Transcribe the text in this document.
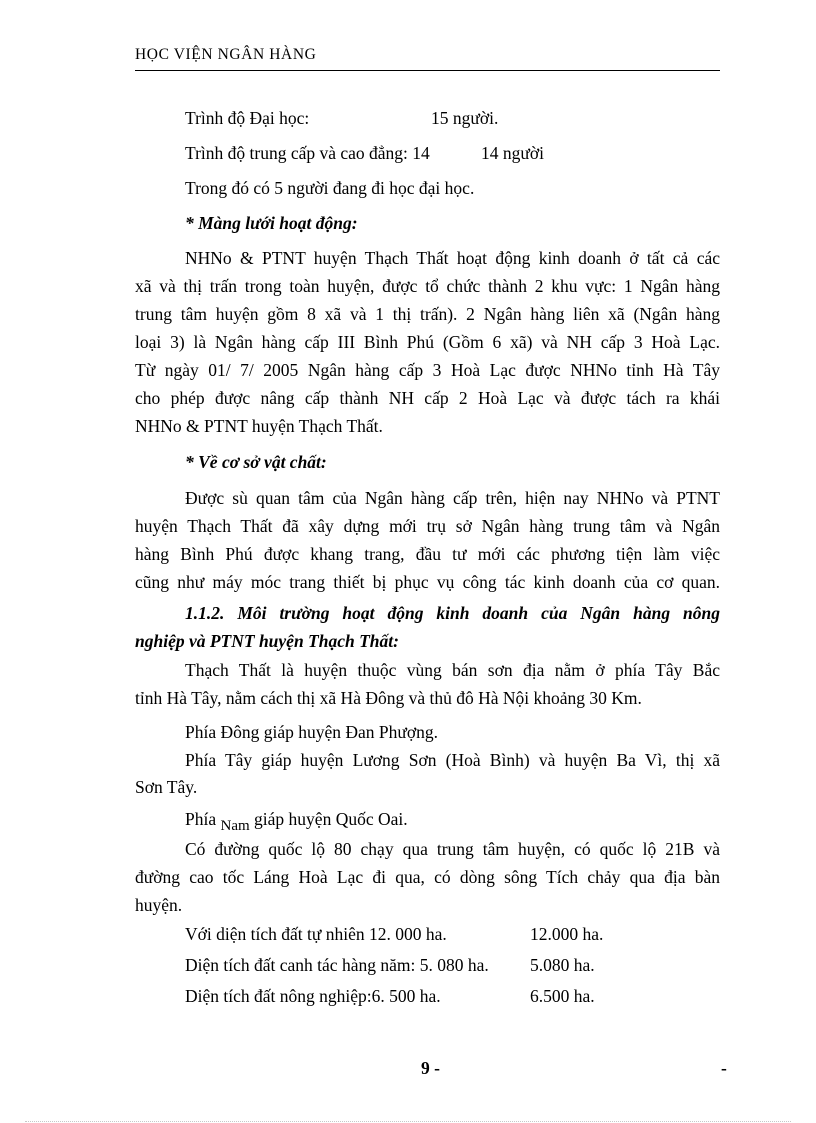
HỌC VIỆN NGÂN HÀNG
Trình độ Đại học:	15 người.
Trình độ trung cấp và cao đẳng: 14	14 người
Trong đó có 5 người đang đi học đại học.
* Màng lưới hoạt động:
NHNo & PTNT huyện Thạch Thất hoạt động kinh doanh ở tất cả các
xã và thị trấn trong toàn huyện, được tổ chức thành 2 khu vực: 1 Ngân hàng
trung tâm huyện gồm 8 xã và 1 thị trấn). 2 Ngân hàng liên xã (Ngân hàng
loại 3) là Ngân hàng cấp III Bình Phú (Gồm 6 xã) và NH cấp 3 Hoà Lạc.
Từ ngày 01/ 7/ 2005 Ngân hàng cấp 3 Hoà Lạc được NHNo tỉnh Hà Tây
cho phép được nâng cấp thành NH cấp 2 Hoà Lạc và được tách ra khái
NHNo & PTNT huyện Thạch Thất.
* Về cơ sở vật chất:
Được sù quan tâm của Ngân hàng cấp trên, hiện nay NHNo và PTNT
huyện Thạch Thất đã xây dựng mới trụ sở Ngân hàng trung tâm và Ngân
hàng Bình Phú được khang trang, đầu tư mới các phương tiện làm việc
cũng như máy móc trang thiết bị phục vụ công tác kinh doanh của cơ quan.
1.1.2. Môi trường hoạt động kinh doanh của Ngân hàng nông
nghiệp và PTNT huyện Thạch Thất:
Thạch Thất là huyện thuộc vùng bán sơn địa nằm ở phía Tây Bắc
tỉnh Hà Tây, nằm cách thị xã Hà Đông và thủ đô Hà Nội khoảng 30 Km.
Phía Đông giáp huyện Đan Phượng.
Phía Tây giáp huyện Lương Sơn (Hoà Bình) và huyện Ba Vì, thị xã
Sơn Tây.
Phía Nam giáp huyện Quốc Oai.
Có đường quốc lộ 80 chạy qua trung tâm huyện, có quốc lộ 21B và
đường cao tốc Láng Hoà Lạc đi qua, có dòng sông Tích chảy qua địa bàn
huyện.
Với diện tích đất tự nhiên 12. 000 ha.	12.000 ha.
Diện tích đất canh tác hàng năm: 5. 080 ha. 5.080 ha.
Diện tích đất nông nghiệp:6. 500 ha.	6.500 ha.
9 -	-
